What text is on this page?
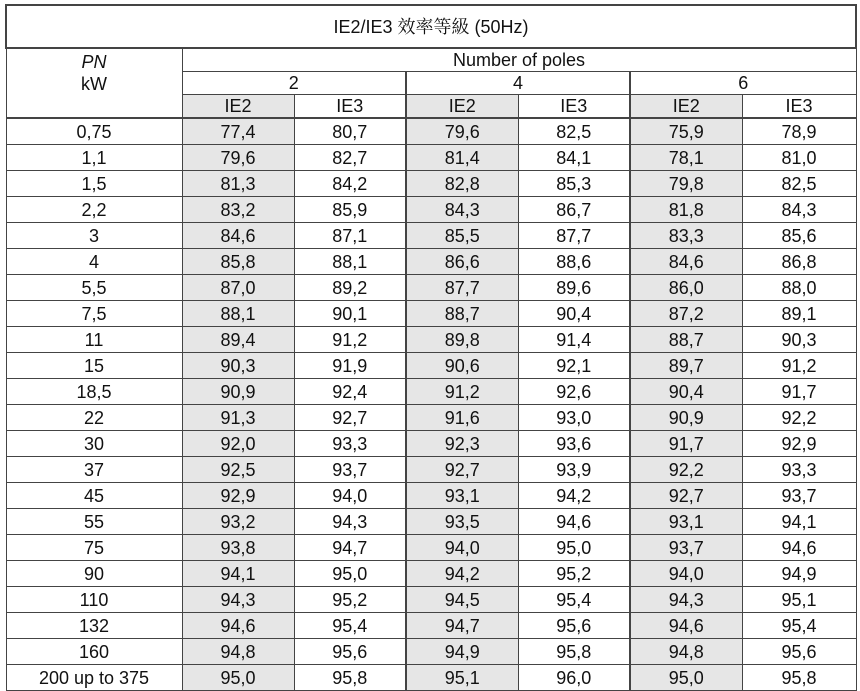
IE2/IE3 效率等級 (50Hz)						

PN
kW	Number of poles					
	2		4		6	
	IE2	IE3	IE2	IE3	IE2	IE3
0,75	77,4	80,7	79,6	82,5	75,9	78,9
1,1	79,6	82,7	81,4	84,1	78,1	81,0
1,5	81,3	84,2	82,8	85,3	79,8	82,5
2,2	83,2	85,9	84,3	86,7	81,8	84,3
3	84,6	87,1	85,5	87,7	83,3	85,6
4	85,8	88,1	86,6	88,6	84,6	86,8
5,5	87,0	89,2	87,7	89,6	86,0	88,0
7,5	88,1	90,1	88,7	90,4	87,2	89,1
11	89,4	91,2	89,8	91,4	88,7	90,3
15	90,3	91,9	90,6	92,1	89,7	91,2
18,5	90,9	92,4	91,2	92,6	90,4	91,7
22	91,3	92,7	91,6	93,0	90,9	92,2
30	92,0	93,3	92,3	93,6	91,7	92,9
37	92,5	93,7	92,7	93,9	92,2	93,3
45	92,9	94,0	93,1	94,2	92,7	93,7
55	93,2	94,3	93,5	94,6	93,1	94,1
75	93,8	94,7	94,0	95,0	93,7	94,6
90	94,1	95,0	94,2	95,2	94,0	94,9
110	94,3	95,2	94,5	95,4	94,3	95,1
132	94,6	95,4	94,7	95,6	94,6	95,4
160	94,8	95,6	94,9	95,8	94,8	95,6
200 up to 375	95,0	95,8	95,1	96,0	95,0	95,8
